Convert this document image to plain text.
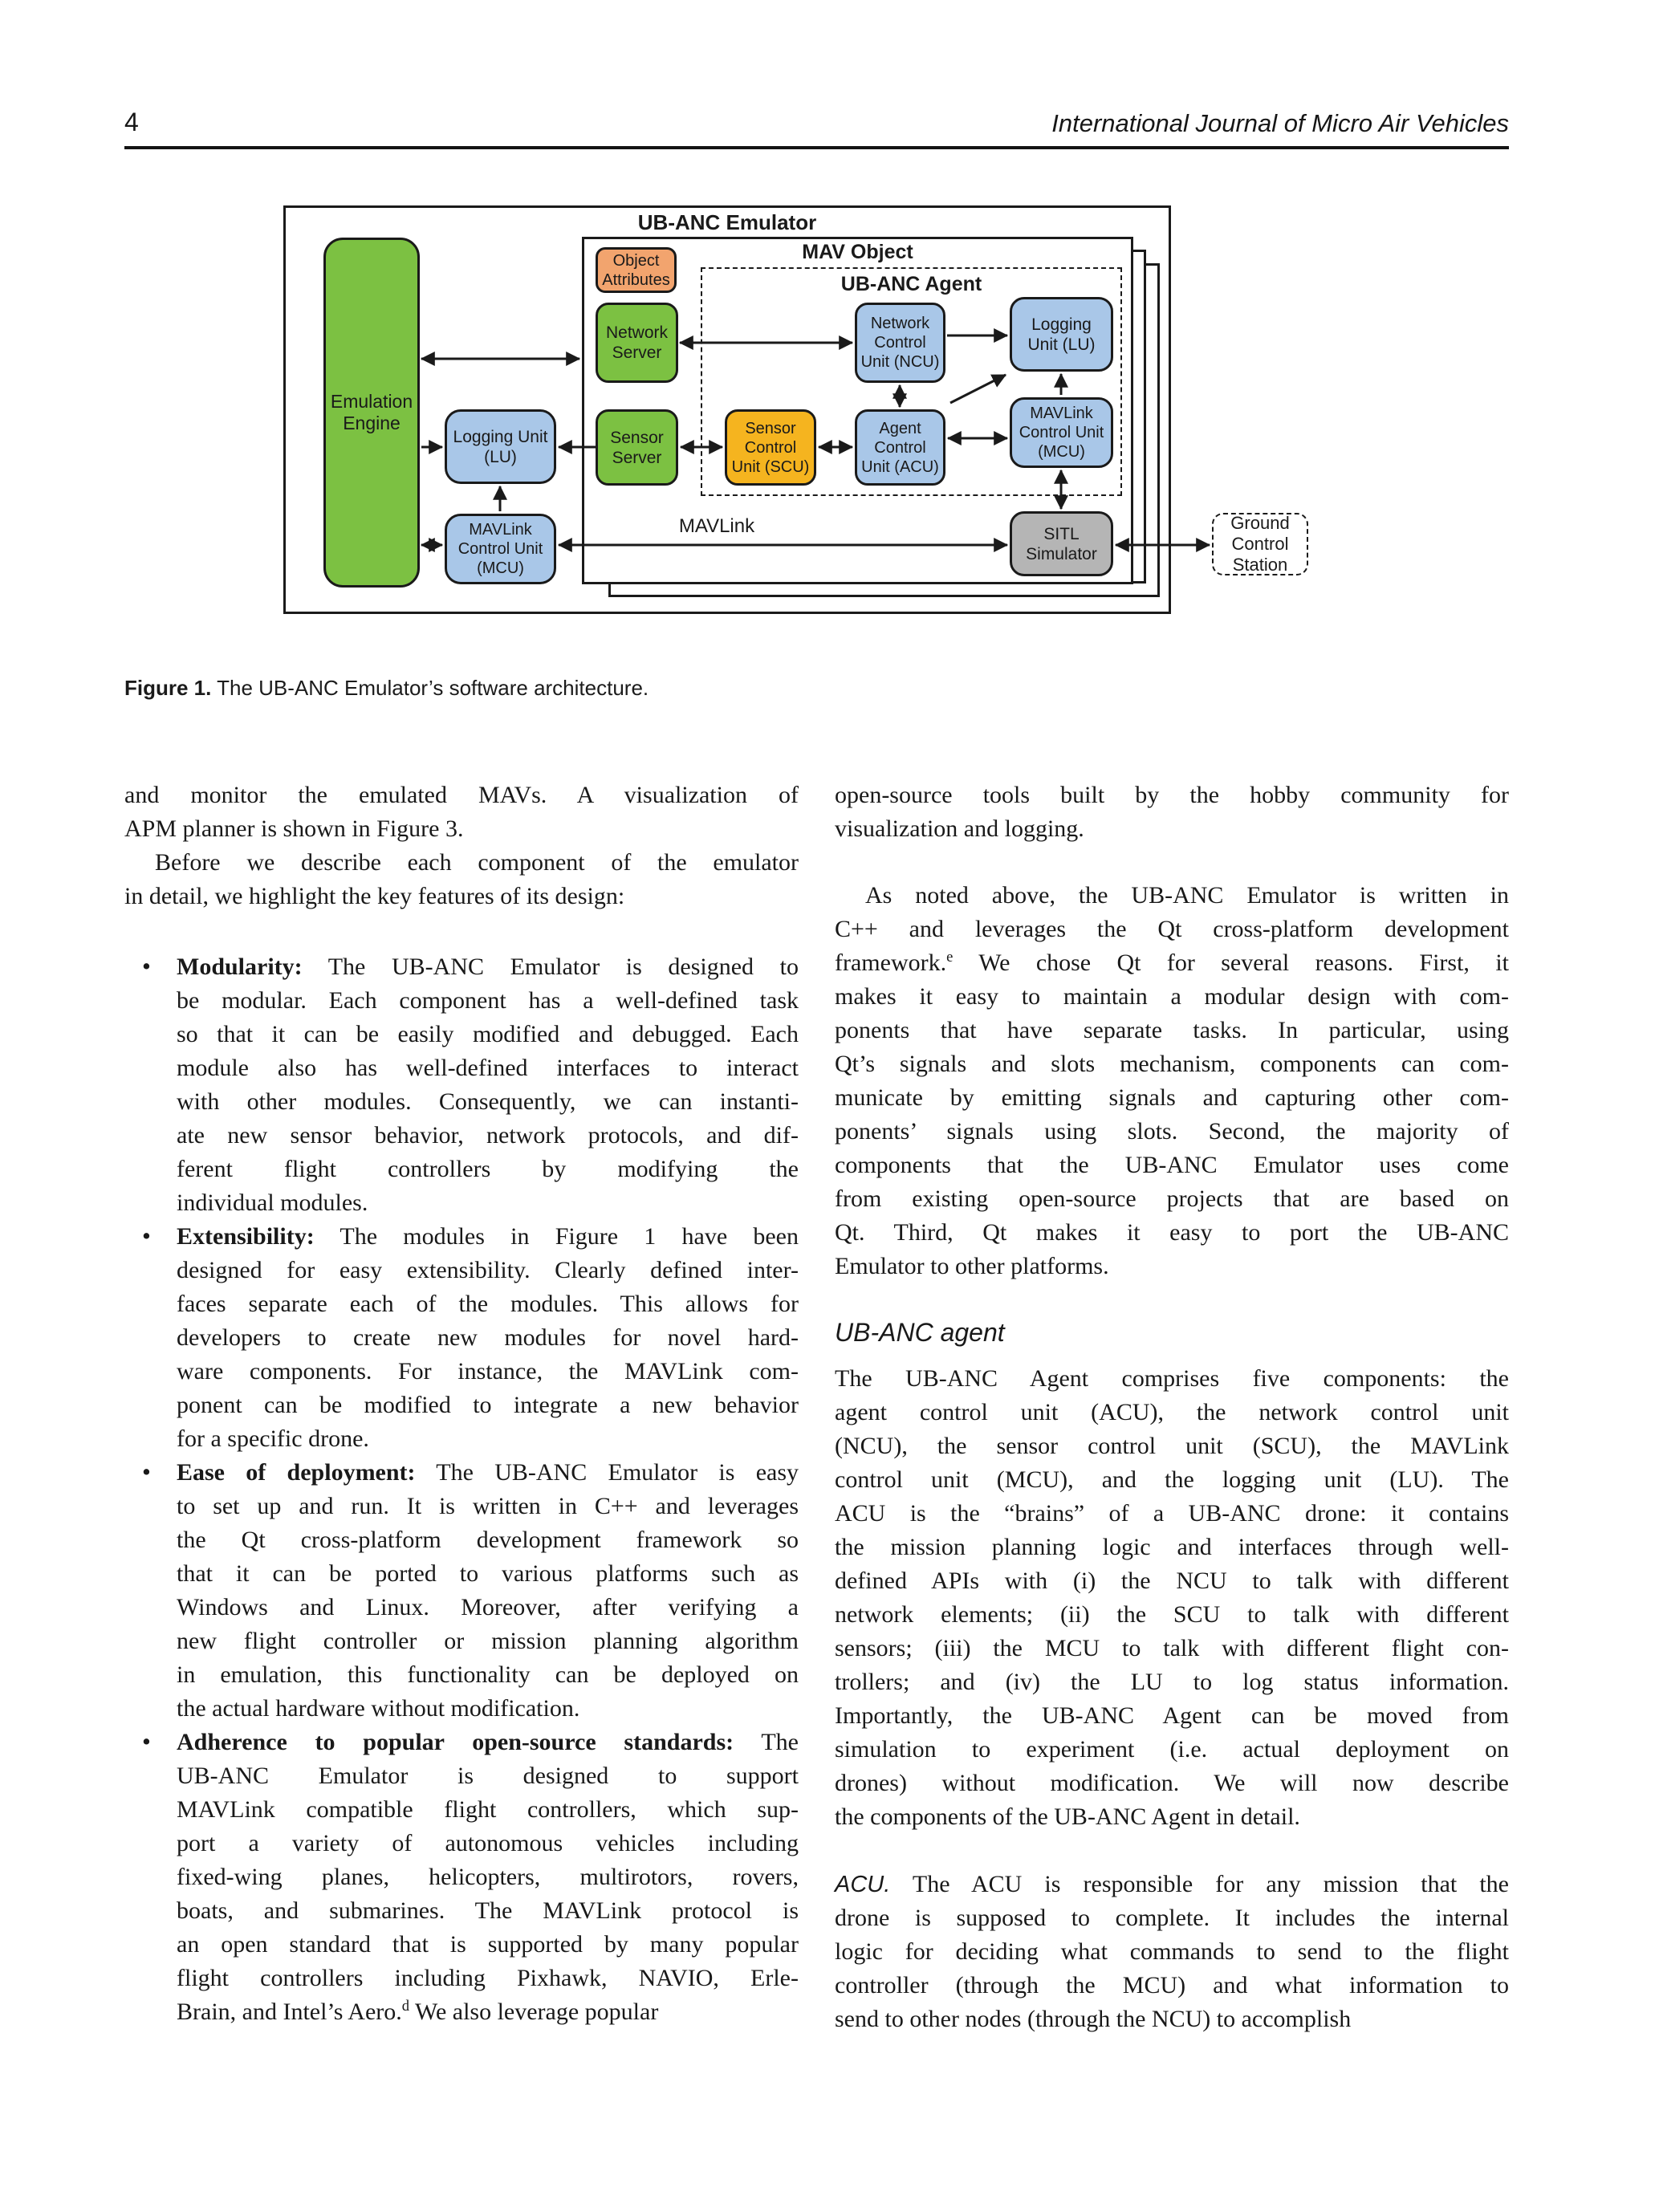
4	International Journal of Micro Air Vehicles
Emulation
Engine
Logging Unit
(LU)
MAVLink
Control Unit
(MCU)
Object
Attributes
Network
Server
Sensor
Server
Network
Control
Unit (NCU)
Logging
Unit (LU)
Sensor
Control
Unit (SCU)
Agent
Control
Unit (ACU)
MAVLink
Control Unit
(MCU)
SITL
Simulator
Ground
Control
Station
UB-ANC Emulator
MAV Object
UB-ANC Agent
MAVLink
Figure 1. The UB-ANC Emulator’s software architecture.
and monitor the emulated MAVs. A visualization of
APM planner is shown in Figure 3.
Before we describe each component of the emulator
in detail, we highlight the key features of its design:
• Modularity: The UB-ANC Emulator is designed to
be modular. Each component has a well-defined task
so that it can be easily modified and debugged. Each
module also has well-defined interfaces to interact
with other modules. Consequently, we can instanti-
ate new sensor behavior, network protocols, and dif-
ferent flight controllers by modifying the
individual modules.
• Extensibility: The modules in Figure 1 have been
designed for easy extensibility. Clearly defined inter-
faces separate each of the modules. This allows for
developers to create new modules for novel hard-
ware components. For instance, the MAVLink com-
ponent can be modified to integrate a new behavior
for a specific drone.
• Ease of deployment: The UB-ANC Emulator is easy
to set up and run. It is written in C++ and leverages
the Qt cross-platform development framework so
that it can be ported to various platforms such as
Windows and Linux. Moreover, after verifying a
new flight controller or mission planning algorithm
in emulation, this functionality can be deployed on
the actual hardware without modification.
• Adherence to popular open-source standards: The
UB-ANC Emulator is designed to support
MAVLink compatible flight controllers, which sup-
port a variety of autonomous vehicles including
fixed-wing planes, helicopters, multirotors, rovers,
boats, and submarines. The MAVLink protocol is
an open standard that is supported by many popular
flight controllers including Pixhawk, NAVIO, Erle-
Brain, and Intel’s Aero.$^d$ We also leverage popular
open-source tools built by the hobby community for
visualization and logging.
As noted above, the UB-ANC Emulator is written in
C++ and leverages the Qt cross-platform development
framework.$^e$ We chose Qt for several reasons. First, it
makes it easy to maintain a modular design with com-
ponents that have separate tasks. In particular, using
Qt’s signals and slots mechanism, components can com-
municate by emitting signals and capturing other com-
ponents’ signals using slots. Second, the majority of
components that the UB-ANC Emulator uses come
from existing open-source projects that are based on
Qt. Third, Qt makes it easy to port the UB-ANC
Emulator to other platforms.
UB-ANC agent
The UB-ANC Agent comprises five components: the
agent control unit (ACU), the network control unit
(NCU), the sensor control unit (SCU), the MAVLink
control unit (MCU), and the logging unit (LU). The
ACU is the “brains” of a UB-ANC drone: it contains
the mission planning logic and interfaces through well-
defined APIs with (i) the NCU to talk with different
network elements; (ii) the SCU to talk with different
sensors; (iii) the MCU to talk with different flight con-
trollers; and (iv) the LU to log status information.
Importantly, the UB-ANC Agent can be moved from
simulation to experiment (i.e. actual deployment on
drones) without modification. We will now describe
the components of the UB-ANC Agent in detail.
ACU. The ACU is responsible for any mission that the
drone is supposed to complete. It includes the internal
logic for deciding what commands to send to the flight
controller (through the MCU) and what information to
send to other nodes (through the NCU) to accomplish
